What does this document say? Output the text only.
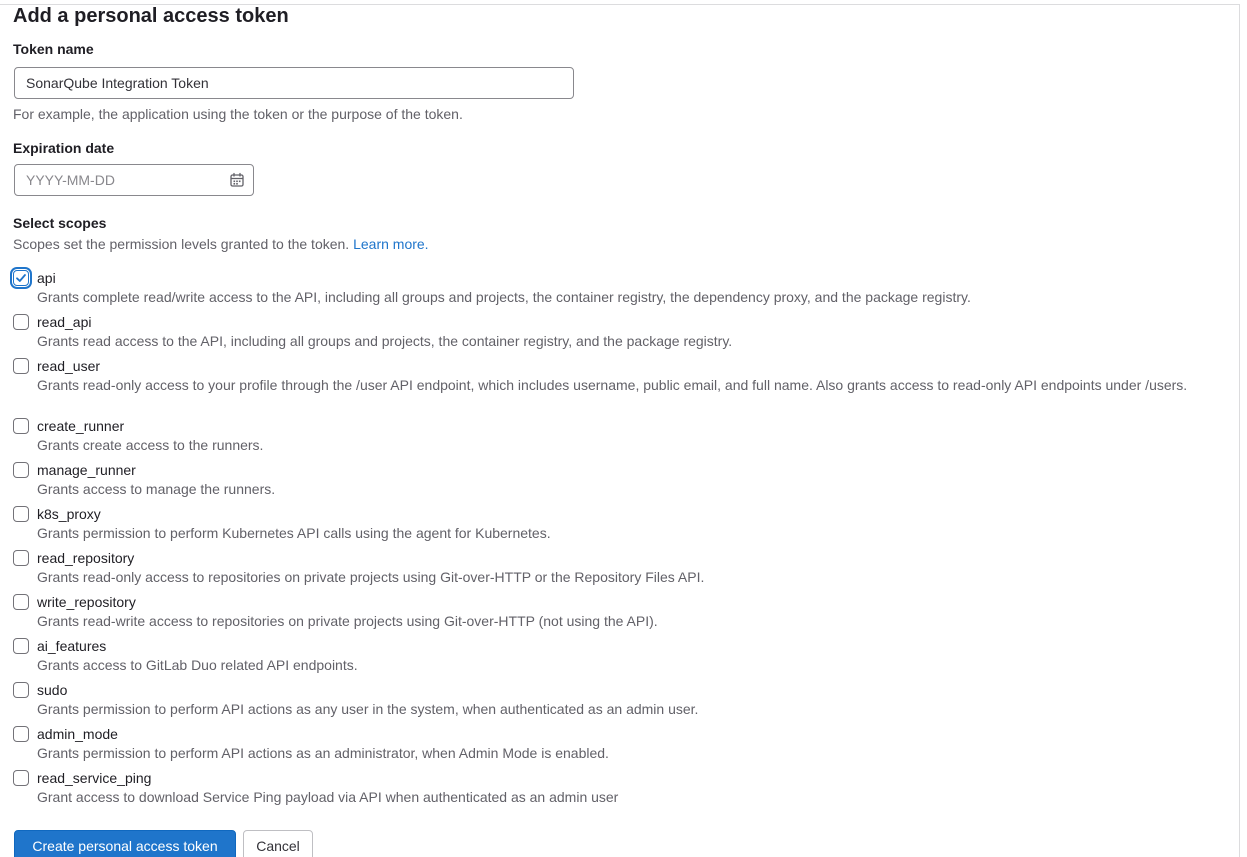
Add a personal access token
Token name
SonarQube Integration Token
For example, the application using the token or the purpose of the token.
Expiration date
YYYY-MM-DD
Select scopes
Scopes set the permission levels granted to the token. Learn more.
api
Grants complete read/write access to the API, including all groups and projects, the container registry, the dependency proxy, and the package registry.
read_api
Grants read access to the API, including all groups and projects, the container registry, and the package registry.
read_user
Grants read-only access to your profile through the /user API endpoint, which includes username, public email, and full name. Also grants access to read-only API endpoints under /users.
create_runner
Grants create access to the runners.
manage_runner
Grants access to manage the runners.
k8s_proxy
Grants permission to perform Kubernetes API calls using the agent for Kubernetes.
read_repository
Grants read-only access to repositories on private projects using Git-over-HTTP or the Repository Files API.
write_repository
Grants read-write access to repositories on private projects using Git-over-HTTP (not using the API).
ai_features
Grants access to GitLab Duo related API endpoints.
sudo
Grants permission to perform API actions as any user in the system, when authenticated as an admin user.
admin_mode
Grants permission to perform API actions as an administrator, when Admin Mode is enabled.
read_service_ping
Grant access to download Service Ping payload via API when authenticated as an admin user
Create personal access token	Cancel
